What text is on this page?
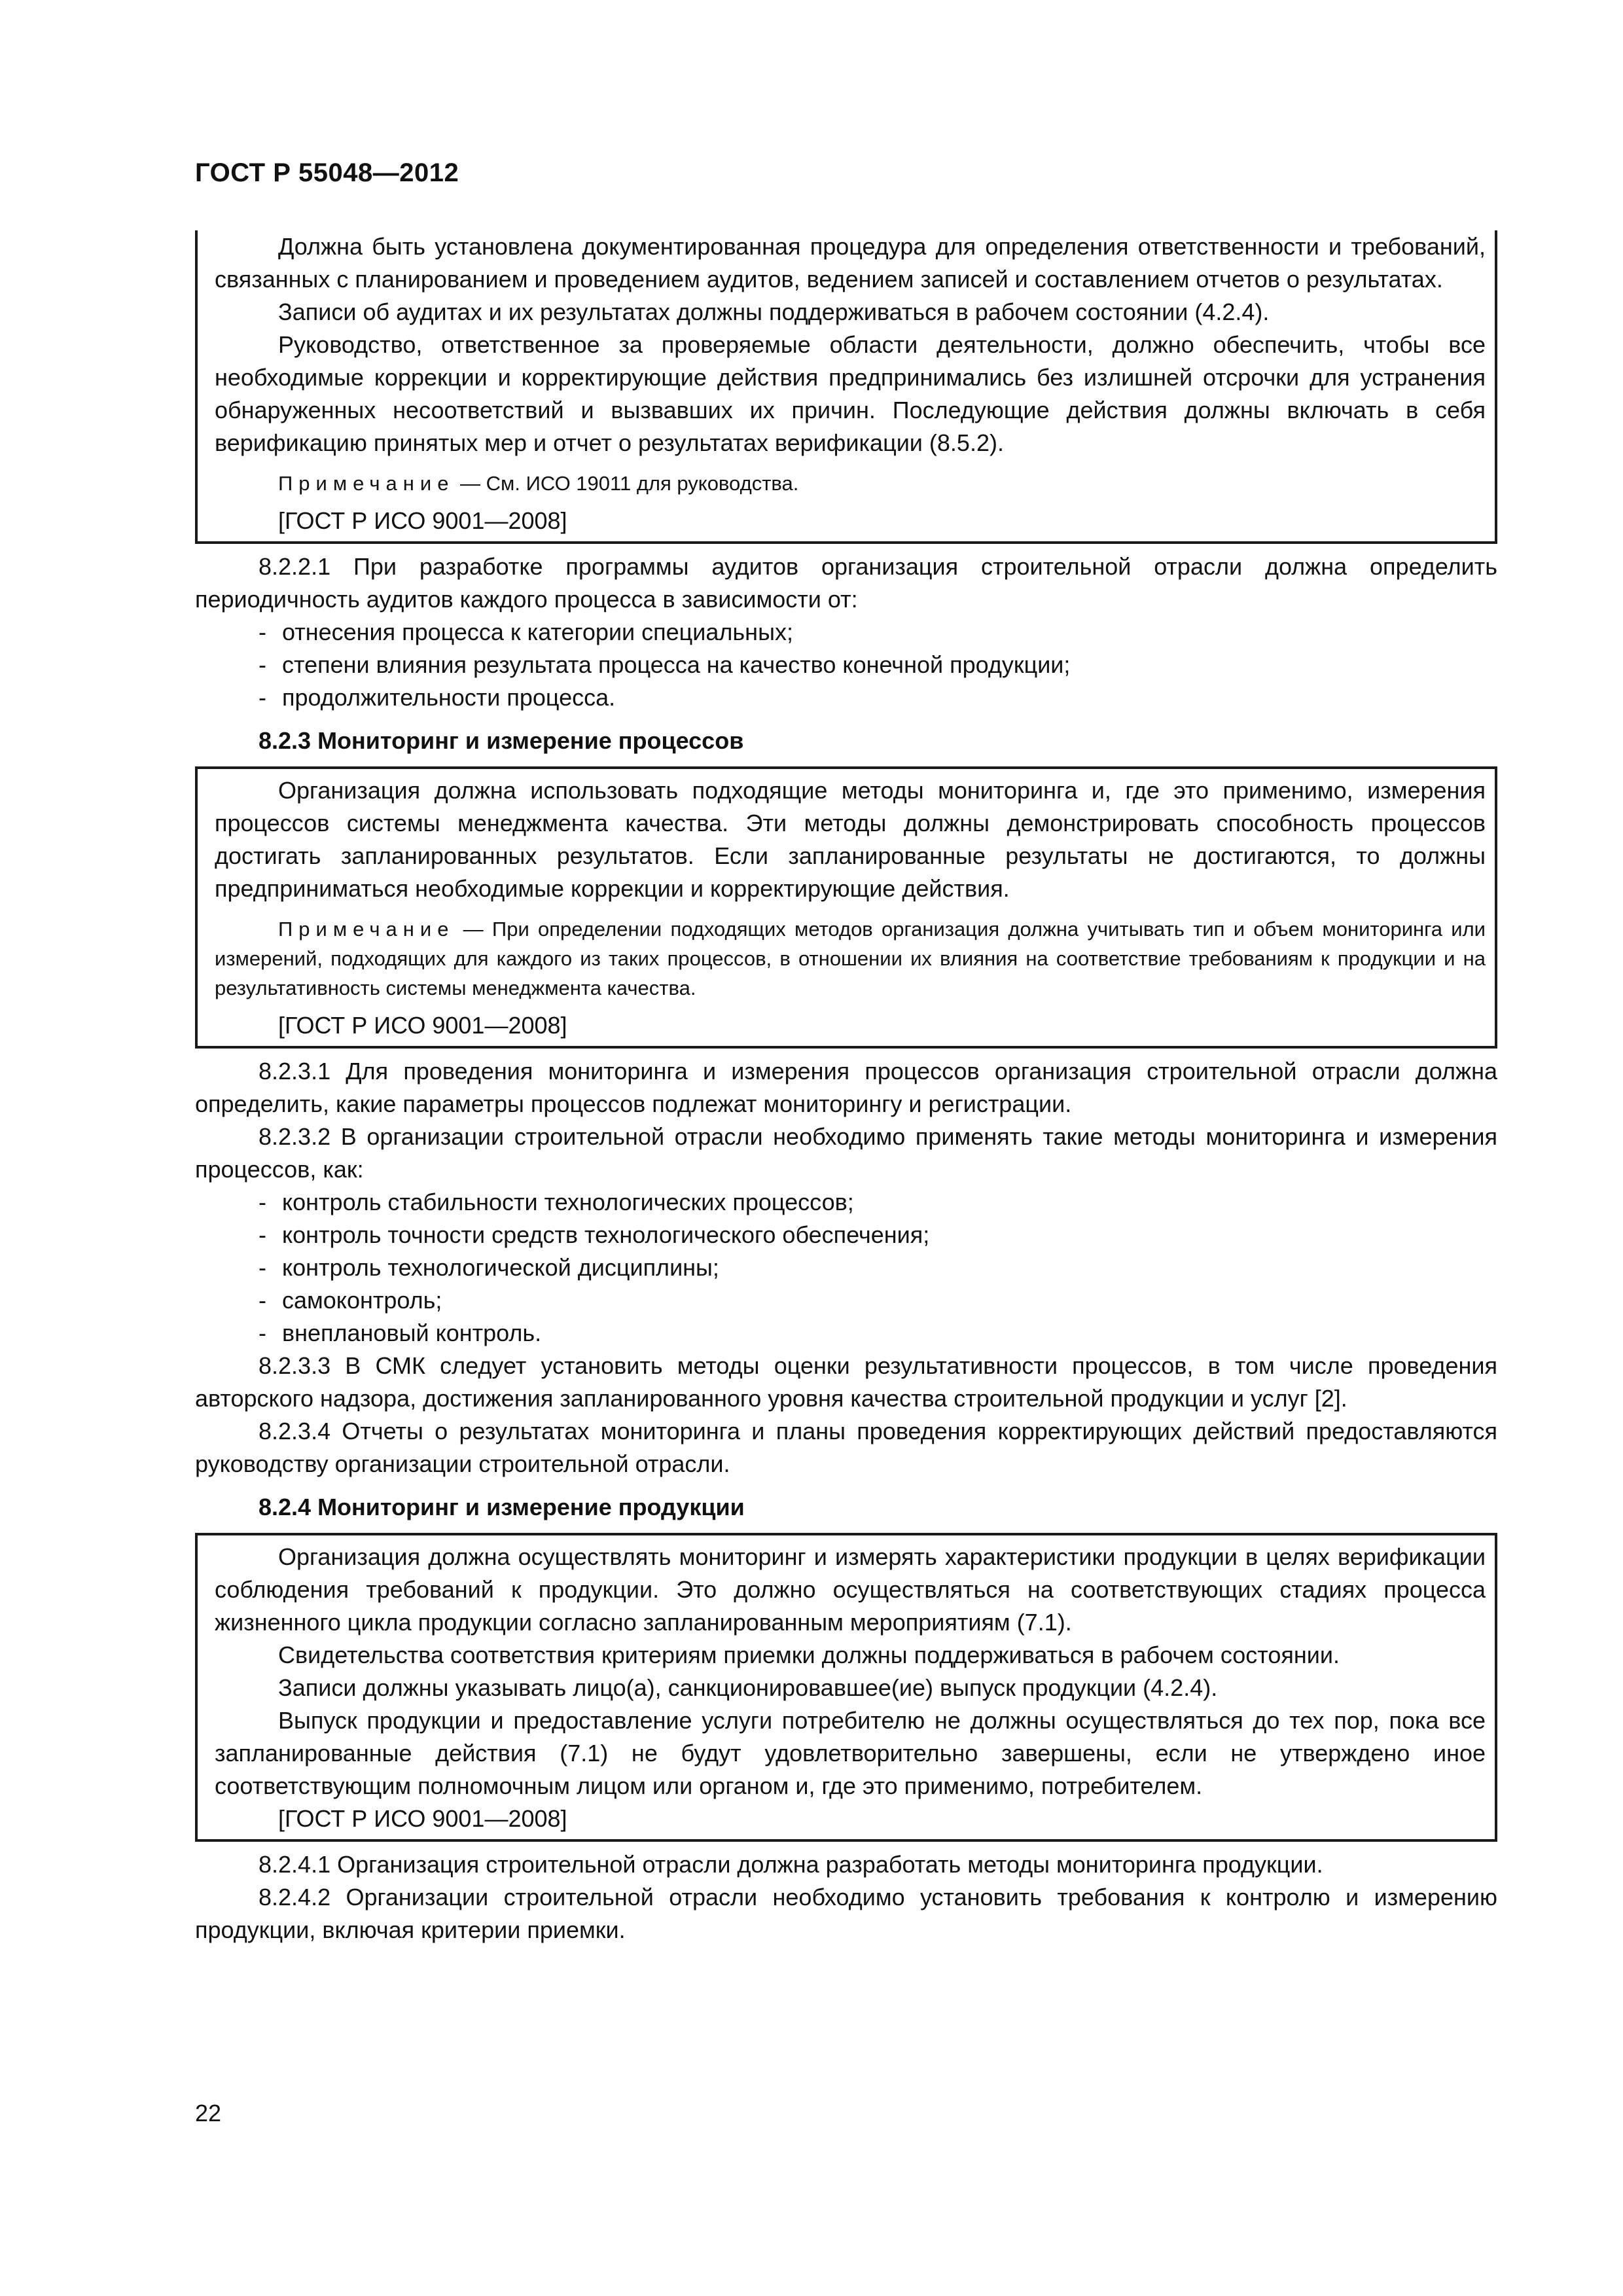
ГОСТ Р 55048—2012

Должна быть установлена документированная процедура для определения ответственности и требований, связанных с планированием и проведением аудитов, ведением записей и составлением отчетов о результатах.

Записи об аудитах и их результатах должны поддерживаться в рабочем состоянии (4.2.4).

Руководство, ответственное за проверяемые области деятельности, должно обеспечить, чтобы все необходимые коррекции и корректирующие действия предпринимались без излишней отсрочки для устранения обнаруженных несоответствий и вызвавших их причин. Последующие действия должны включать в себя верификацию принятых мер и отчет о результатах верификации (8.5.2).

Примечание — См. ИСО 19011 для руководства.

[ГОСТ Р ИСО 9001—2008]

8.2.2.1 При разработке программы аудитов организация строительной отрасли должна определить периодичность аудитов каждого процесса в зависимости от:

- отнесения процесса к категории специальных;
- степени влияния результата процесса на качество конечной продукции;
- продолжительности процесса.

8.2.3 Мониторинг и измерение процессов

Организация должна использовать подходящие методы мониторинга и, где это применимо, измерения процессов системы менеджмента качества. Эти методы должны демонстрировать способность процессов достигать запланированных результатов. Если запланированные результаты не достигаются, то должны предприниматься необходимые коррекции и корректирующие действия.

Примечание — При определении подходящих методов организация должна учитывать тип и объем мониторинга или измерений, подходящих для каждого из таких процессов, в отношении их влияния на соответствие требованиям к продукции и на результативность системы менеджмента качества.

[ГОСТ Р ИСО 9001—2008]

8.2.3.1 Для проведения мониторинга и измерения процессов организация строительной отрасли должна определить, какие параметры процессов подлежат мониторингу и регистрации.

8.2.3.2 В организации строительной отрасли необходимо применять такие методы мониторинга и измерения процессов, как:

- контроль стабильности технологических процессов;
- контроль точности средств технологического обеспечения;
- контроль технологической дисциплины;
- самоконтроль;
- внеплановый контроль.

8.2.3.3 В СМК следует установить методы оценки результативности процессов, в том числе проведения авторского надзора, достижения запланированного уровня качества строительной продукции и услуг [2].

8.2.3.4 Отчеты о результатах мониторинга и планы проведения корректирующих действий предоставляются руководству организации строительной отрасли.

8.2.4 Мониторинг и измерение продукции

Организация должна осуществлять мониторинг и измерять характеристики продукции в целях верификации соблюдения требований к продукции. Это должно осуществляться на соответствующих стадиях процесса жизненного цикла продукции согласно запланированным мероприятиям (7.1).

Свидетельства соответствия критериям приемки должны поддерживаться в рабочем состоянии.

Записи должны указывать лицо(а), санкционировавшее(ие) выпуск продукции (4.2.4).

Выпуск продукции и предоставление услуги потребителю не должны осуществляться до тех пор, пока все запланированные действия (7.1) не будут удовлетворительно завершены, если не утверждено иное соответствующим полномочным лицом или органом и, где это применимо, потребителем.

[ГОСТ Р ИСО 9001—2008]

8.2.4.1 Организация строительной отрасли должна разработать методы мониторинга продукции.

8.2.4.2 Организации строительной отрасли необходимо установить требования к контролю и измерению продукции, включая критерии приемки.

22
